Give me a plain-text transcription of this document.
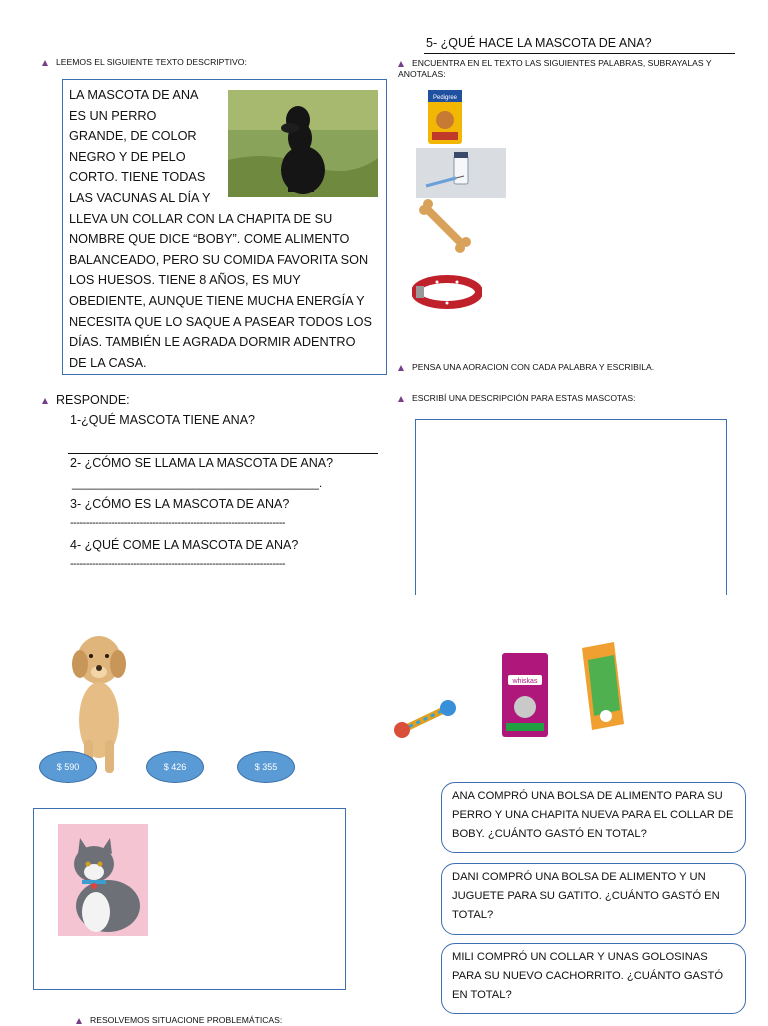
LEEMOS EL SIGUIENTE TEXTO DESCRIPTIVO:
LA MASCOTA DE ANA
ES UN PERRO
GRANDE, DE COLOR
NEGRO Y DE PELO
CORTO. TIENE TODAS
LAS VACUNAS AL DÍA Y
LLEVA UN COLLAR CON LA CHAPITA DE SU
NOMBRE QUE DICE “BOBY”. COME ALIMENTO
BALANCEADO, PERO SU COMIDA FAVORITA SON
LOS HUESOS. TIENE 8 AÑOS, ES MUY
OBEDIENTE, AUNQUE TIENE MUCHA ENERGÍA Y
NECESITA QUE LO SAQUE A PASEAR TODOS LOS
DÍAS. TAMBIÉN LE AGRADA DORMIR ADENTRO
DE LA CASA.
RESPONDE:
1-¿QUÉ MASCOTA TIENE ANA?
2- ¿CÓMO SE LLAMA LA MASCOTA DE ANA?
_____________________________________.
3- ¿CÓMO ES LA MASCOTA DE ANA?
--------------------------------------------------------------------
4- ¿QUÉ COME LA MASCOTA DE ANA?
--------------------------------------------------------------------
5- ¿QUÉ HACE LA MASCOTA DE ANA?
ENCUENTRA EN EL TEXTO LAS SIGUIENTES PALABRAS, SUBRAYALAS Y ANOTALAS:
Pedigree
PENSA UNA AORACION CON CADA PALABRA Y ESCRIBILA.
ESCRIBÍ UNA DESCRIPCIÓN PARA ESTAS MASCOTAS:
$ 590	$ 426	$ 355
whiskas
ANA COMPRÓ UNA BOLSA DE ALIMENTO PARA SU PERRO Y UNA CHAPITA NUEVA PARA EL COLLAR DE BOBY. ¿CUÁNTO GASTÓ EN TOTAL?
DANI COMPRÓ UNA BOLSA DE ALIMENTO Y UN JUGUETE PARA SU GATITO. ¿CUÁNTO GASTÓ EN TOTAL?
MILI COMPRÓ UN COLLAR Y UNAS GOLOSINAS PARA SU NUEVO CACHORRITO. ¿CUÁNTO GASTÓ EN TOTAL?
RESOLVEMOS SITUACIONE PROBLEMÁTICAS:
